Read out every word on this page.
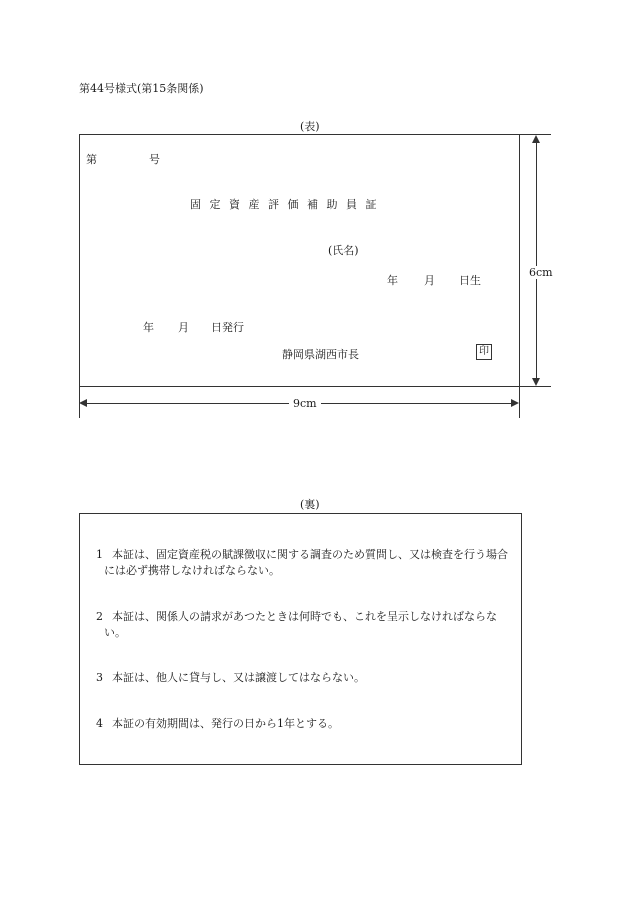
第44号様式(第15条関係)
(表)
第	号
固定資産評価補助員証
(氏名)
年 月 日生
年 月 日発行
静岡県湖西市長	印
6cm
9cm
(裏)
1 本証は、固定資産税の賦課徴収に関する調査のため質問し、又は検査を行う場合には必ず携帯しなければならない。
2 本証は、関係人の請求があつたときは何時でも、これを呈示しなければならない。
3 本証は、他人に貸与し、又は譲渡してはならない。
4 本証の有効期間は、発行の日から1年とする。
